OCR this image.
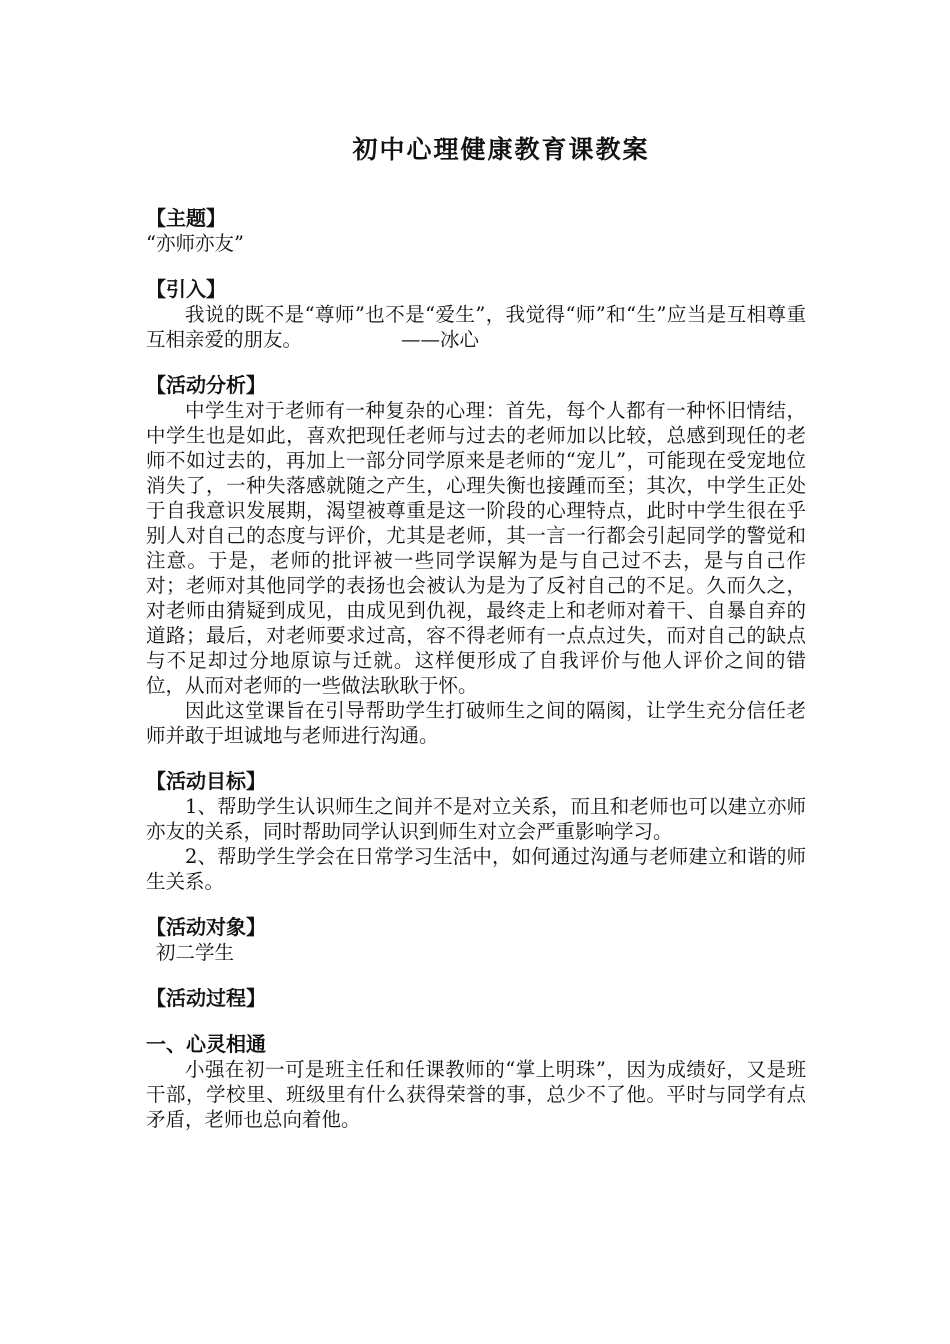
初中心理健康教育课教案

【主题】

“亦师亦友”

【引入】

我说的既不是“尊师”也不是“爱生”，我觉得“师”和“生”应当是互相尊重互相亲爱的朋友。	——冰心

【活动分析】

中学生对于老师有一种复杂的心理：首先，每个人都有一种怀旧情结，中学生也是如此，喜欢把现任老师与过去的老师加以比较，总感到现任的老师不如过去的，再加上一部分同学原来是老师的“宠儿”，可能现在受宠地位消失了，一种失落感就随之产生，心理失衡也接踵而至；其次，中学生正处于自我意识发展期，渴望被尊重是这一阶段的心理特点，此时中学生很在乎别人对自己的态度与评价，尤其是老师，其一言一行都会引起同学的警觉和注意。于是，老师的批评被一些同学误解为是与自己过不去，是与自己作对；老师对其他同学的表扬也会被认为是为了反衬自己的不足。久而久之，对老师由猜疑到成见，由成见到仇视，最终走上和老师对着干、自暴自弃的道路；最后，对老师要求过高，容不得老师有一点点过失，而对自己的缺点与不足却过分地原谅与迁就。这样便形成了自我评价与他人评价之间的错位，从而对老师的一些做法耿耿于怀。

因此这堂课旨在引导帮助学生打破师生之间的隔阂，让学生充分信任老师并敢于坦诚地与老师进行沟通。

【活动目标】

1、帮助学生认识师生之间并不是对立关系，而且和老师也可以建立亦师亦友的关系，同时帮助同学认识到师生对立会严重影响学习。

2、帮助学生学会在日常学习生活中，如何通过沟通与老师建立和谐的师生关系。

【活动对象】

初二学生

【活动过程】

一、心灵相通

小强在初一可是班主任和任课教师的“掌上明珠”，因为成绩好，又是班干部，学校里、班级里有什么获得荣誉的事，总少不了他。平时与同学有点矛盾，老师也总向着他。
